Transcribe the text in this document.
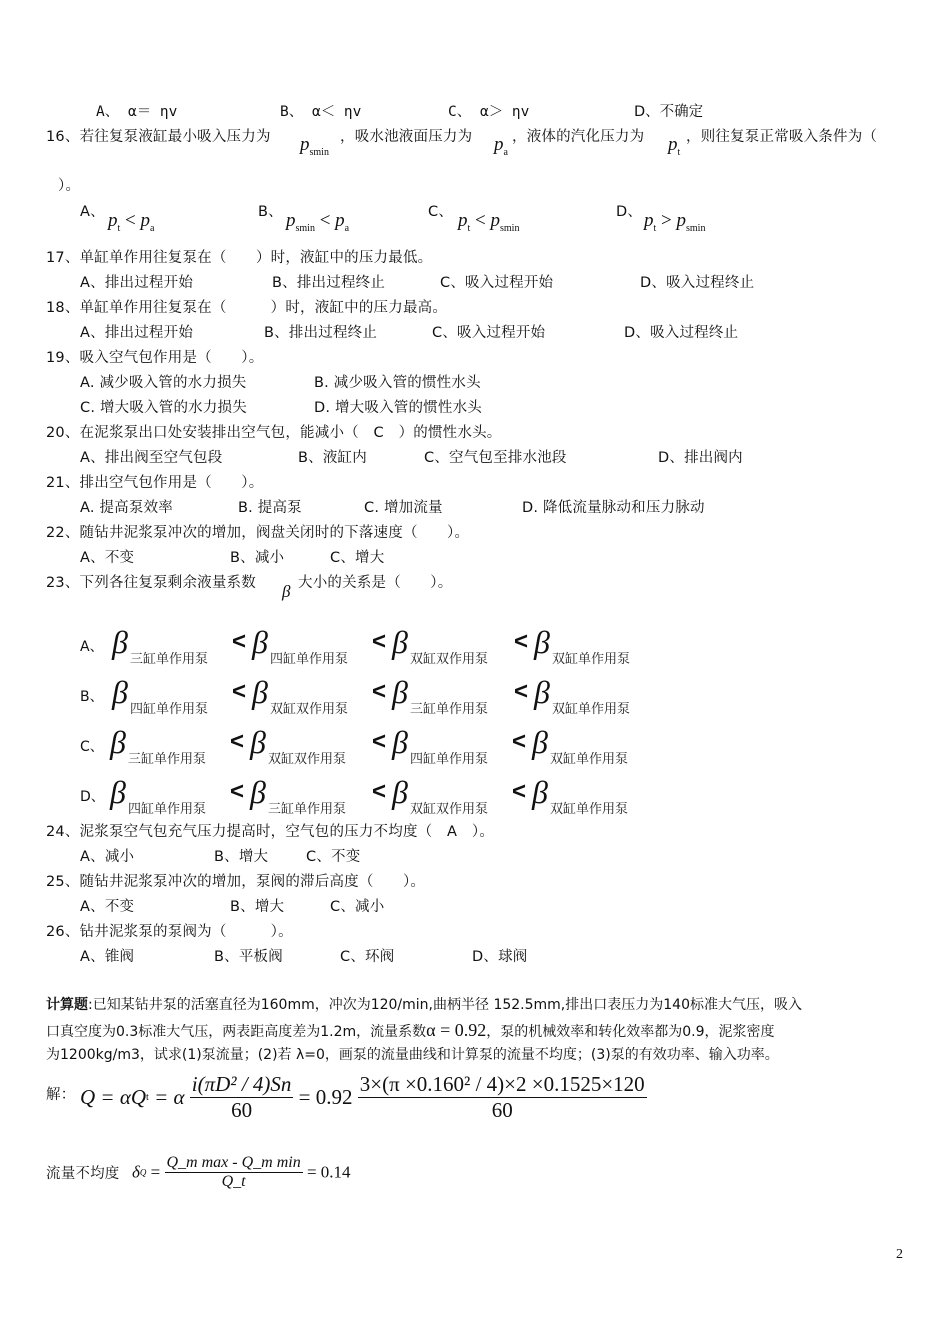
A、 α＝ ηv	B、 α＜ ηv	C、 α＞ ηv	D、不确定
16、若往复泵液缸最小吸入压力为 $p_{smin}$
，吸水池液面压力为 $p_a$
，液体的汽化压力为 $p_t$
，则往复泵正常吸入条件为（
）。
A、 $p_t < p_a$
B、 $p_{smin} < p_a$
C、 $p_t < p_{smin}$
D、 $p_t > p_{smin}$
17、单缸单作用往复泵在（　　）时，液缸中的压力最低。
A、排出过程开始	B、排出过程终止	C、吸入过程开始	D、吸入过程终止
18、单缸单作用往复泵在（　　　）时，液缸中的压力最高。
A、排出过程开始	B、排出过程终止	C、吸入过程开始	D、吸入过程终止
19、吸入空气包作用是（　　）。
A. 减少吸入管的水力损失	B. 减少吸入管的惯性水头
C. 增大吸入管的水力损失	D. 增大吸入管的惯性水头
20、在泥浆泵出口处安装排出空气包，能减小（　C　）的惯性水头。
A、排出阀至空气包段	B、液缸内	C、空气包至排水池段	D、排出阀内
21、排出空气包作用是（　　）。
A. 提高泵效率	B. 提高泵	C. 增加流量	D. 降低流量脉动和压力脉动
22、随钻井泥浆泵冲次的增加，阀盘关闭时的下落速度（　　）。
A、不变	B、减小	C、增大
23、下列各往复泵剩余液量系数 β 大小的关系是（　　）。
A、 β 三缸单作用泵
< β 四缸单作用泵
< β 双缸双作用泵
< β 双缸单作用泵
B、 β 四缸单作用泵
< β 双缸双作用泵
< β 三缸单作用泵
< β 双缸单作用泵
C、 β 三缸单作用泵
< β 双缸双作用泵
< β 四缸单作用泵
< β 双缸单作用泵
D、 β 四缸单作用泵
< β 三缸单作用泵
< β 双缸双作用泵
< β 双缸单作用泵
24、泥浆泵空气包充气压力提高时，空气包的压力不均度（　A　）。
A、减小	B、增大	C、不变
25、随钻井泥浆泵冲次的增加，泵阀的滞后高度（　　）。
A、不变	B、增大	C、减小
26、钻井泥浆泵的泵阀为（　　　）。
A、锥阀	B、平板阀	C、环阀	D、球阀
计算题:已知某钻井泵的活塞直径为160mm，冲次为120/min,曲柄半径 152.5mm,排出口表压力为140标准大气压，吸入
口真空度为0.3标准大气压，两表距高度差为1.2m，流量系数α = 0.92，泵的机械效率和转化效率都为0.9，泥浆密度
为1200kg/m3，试求(1)泵流量；(2)若 λ=0，画泵的流量曲线和计算泵的流量不均度；(3)泵的有效功率、输入功率。
解： Q = αQt = α $\frac{\text{i(πD² / 4)Sn}}{60} = 0.92 \frac{\text{3×(π ×0.160² / 4)×2 ×0.1525×120}}{60}$
流量不均度 $\delta Q = \frac{\text{Q\_m max - Q\_m min}}{Q\_t} = 0.14$
2
